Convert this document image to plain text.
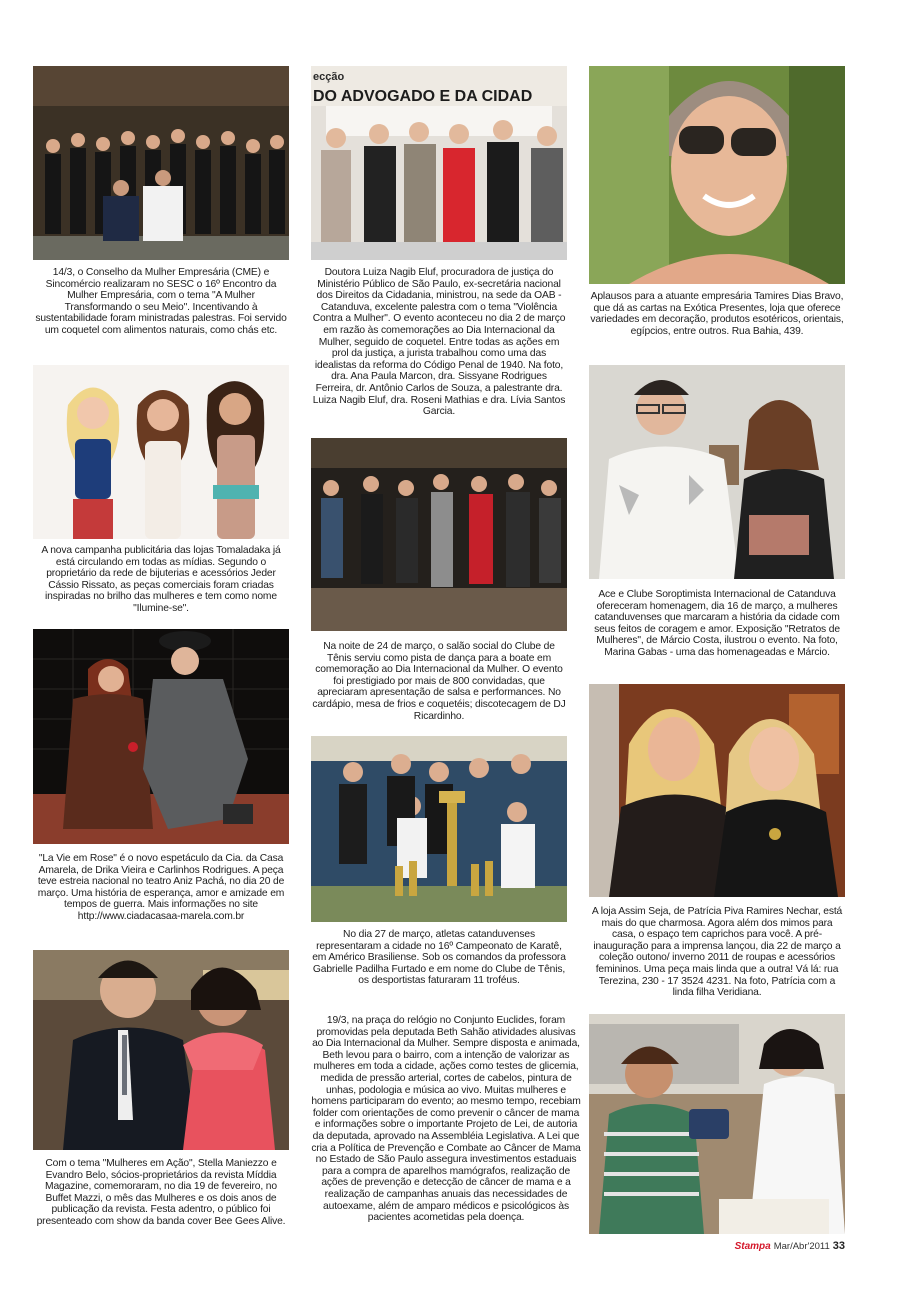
14/3, o Conselho da Mulher Empresária (CME) e Sincomércio realizaram no SESC o 16º Encontro da Mulher Empresária, com o tema "A Mulher Transformando o seu Meio". Incentivando à sustentabilidade foram ministradas palestras. Foi servido um coquetel com alimentos naturais, como chás etc.
A nova campanha publicitária das lojas Tomaladaka já está circulando em todas as mídias. Segundo o proprietário da rede de bijuterias e acessórios Jeder Cássio Rissato, as peças comerciais foram criadas inspiradas no brilho das mulheres e tem como nome "Ilumine-se".
"La Vie em Rose" é o novo espetáculo da Cia. da Casa Amarela, de Drika Vieira e Carlinhos Rodrigues. A peça teve estreia nacional no teatro Aniz Pachá, no dia 20 de março. Uma história de esperança, amor e amizade em tempos de guerra. Mais informações no site http://www.ciadacasaa-marela.com.br
Com o tema "Mulheres em Ação", Stella Maniezzo e Evandro Belo, sócios-proprietários da revista Míddia Magazine, comemoraram, no dia 19 de fevereiro, no Buffet Mazzi, o mês das Mulheres e os dois anos de publicação da revista. Festa adentro, o público foi presenteado com show da banda cover Bee Gees Alive.
ecção
DO ADVOGADO E DA CIDAD
Doutora Luiza Nagib Eluf, procuradora de justiça do Ministério Público de São Paulo, ex-secretária nacional dos Direitos da Cidadania, ministrou, na sede da OAB - Catanduva, excelente palestra com o tema "Violência Contra a Mulher". O evento aconteceu no dia 2 de março em razão às comemorações ao Dia Internacional da Mulher, seguido de coquetel. Entre todas as ações em prol da justiça, a jurista trabalhou como uma das idealistas da reforma do Código Penal de 1940. Na foto, dra. Ana Paula Marcon, dra. Sissyane Rodrigues Ferreira, dr. Antônio Carlos de Souza, a palestrante dra. Luiza Nagib Eluf, dra. Roseni Mathias e dra. Lívia Santos Garcia.
Na noite de 24 de março, o salão social do Clube de Tênis serviu como pista de dança para a boate em comemoração ao Dia Internacional da Mulher. O evento foi prestigiado por mais de 800 convidadas, que apreciaram apresentação de salsa e performances. No cardápio, mesa de frios e coquetéis; discotecagem de DJ Ricardinho.
No dia 27 de março, atletas catanduvenses representaram a cidade no 16º Campeonato de Karatê, em Américo Brasiliense. Sob os comandos da professora Gabrielle Padilha Furtado e em nome do Clube de Tênis, os desportistas faturaram 11 troféus.
19/3, na praça do relógio no Conjunto Euclides, foram promovidas pela deputada Beth Sahão atividades alusivas ao Dia Internacional da Mulher. Sempre disposta e animada, Beth levou para o bairro, com a intenção de valorizar as mulheres em toda a cidade, ações como testes de glicemia, medida de pressão arterial, cortes de cabelos, pintura de unhas, podologia e música ao vivo. Muitas mulheres e homens participaram do evento; ao mesmo tempo, recebiam folder com orientações de como prevenir o câncer de mama e informações sobre o importante Projeto de Lei, de autoria da deputada, aprovado na Assembléia Legislativa. A Lei que cria a Política de Prevenção e Combate ao Câncer de Mama no Estado de São Paulo assegura investimentos estaduais para a compra de aparelhos mamógrafos, realização de ações de prevenção e detecção de câncer de mama e a realização de campanhas anuais das necessidades de autoexame, além de amparo médicos e psicológicos às pacientes acometidas pela doença.
Aplausos para a atuante empresária Tamires Dias Bravo, que dá as cartas na Exótica Presentes, loja que oferece variedades em decoração, produtos esotéricos, orientais, egípcios, entre outros. Rua Bahia, 439.
Ace e Clube Soroptimista Internacional de Catanduva ofereceram homenagem, dia 16 de março, a mulheres catanduvenses que marcaram a história da cidade com seus feitos de coragem e amor. Exposição "Retratos de Mulheres", de Márcio Costa, ilustrou o evento. Na foto, Marina Gabas - uma das homenageadas e Márcio.
A loja Assim Seja, de Patrícia Piva Ramires Nechar, está mais do que charmosa. Agora além dos mimos para casa, o espaço tem caprichos para você. A pré-inauguração para a imprensa lançou, dia 22 de março a coleção outono/ inverno 2011 de roupas e acessórios femininos. Uma peça mais linda que a outra! Vá lá: rua Terezina, 230 - 17 3524 4231. Na foto, Patrícia com a linda filha Veridiana.
Stampa Mar/Abr'2011 33
